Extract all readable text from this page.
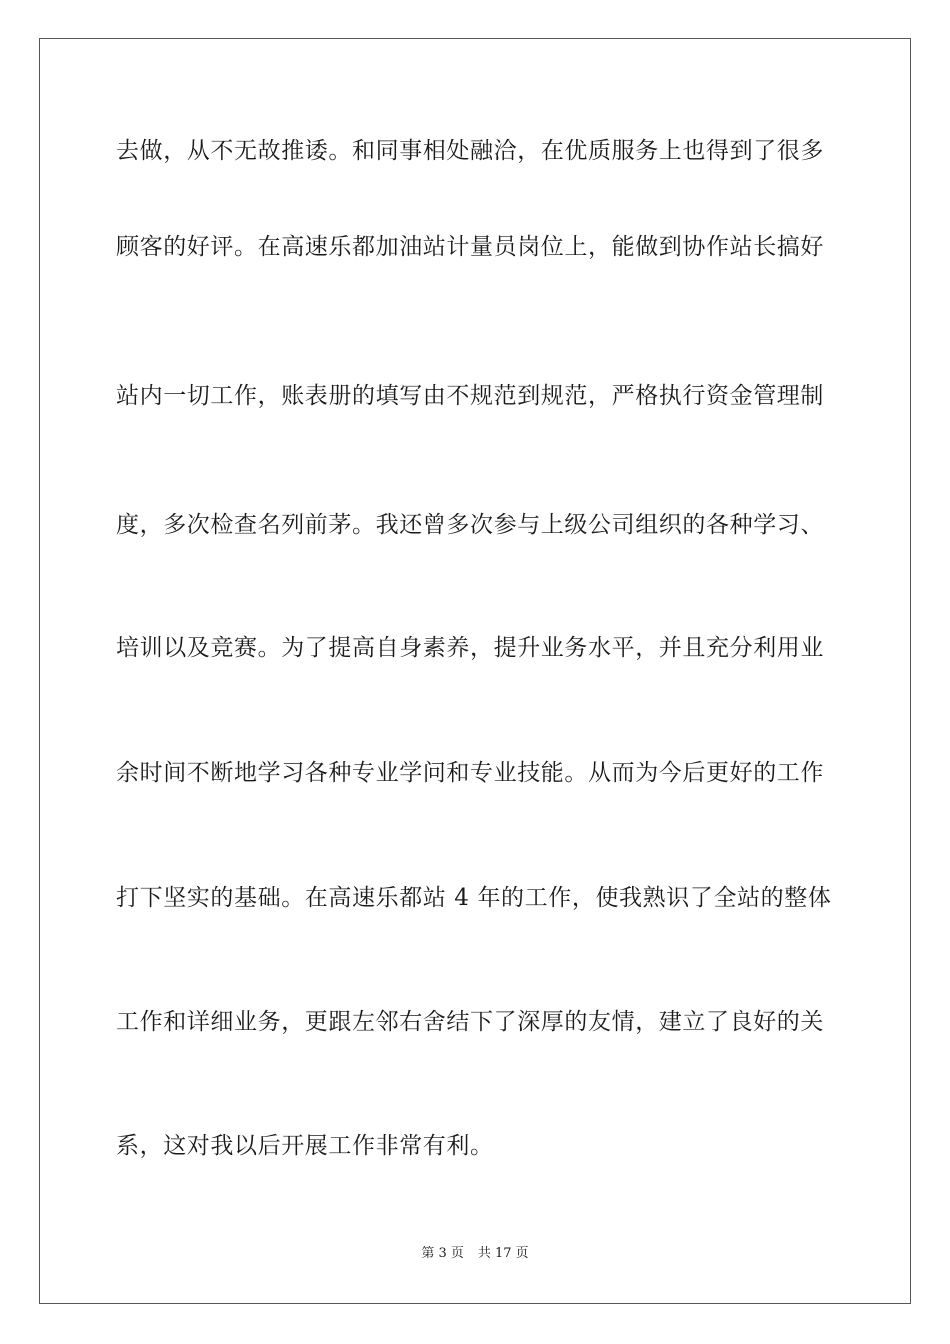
去做，从不无故推诿。和同事相处融洽，在优质服务上也得到了很多
顾客的好评。在高速乐都加油站计量员岗位上，能做到协作站长搞好
站内一切工作，账表册的填写由不规范到规范，严格执行资金管理制
度，多次检查名列前茅。我还曾多次参与上级公司组织的各种学习、
培训以及竞赛。为了提高自身素养，提升业务水平，并且充分利用业
余时间不断地学习各种专业学问和专业技能。从而为今后更好的工作
打下坚实的基础。在高速乐都站 4 年的工作，使我熟识了全站的整体
工作和详细业务，更跟左邻右舍结下了深厚的友情，建立了良好的关
系，这对我以后开展工作非常有利。
第 3 页 共 17 页
